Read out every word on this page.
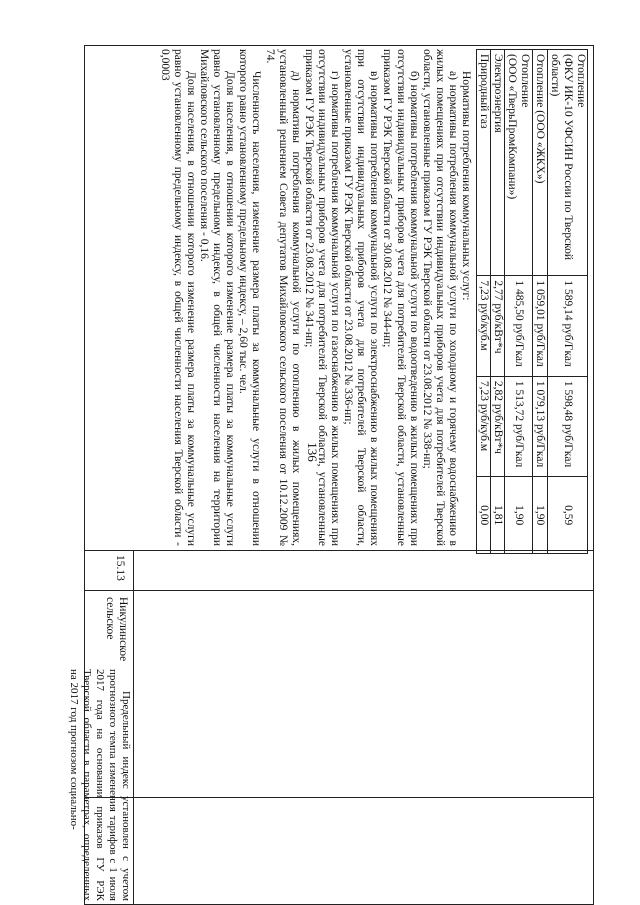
136
15.13
Никулинское сельское

Предельный индекс установлен с учетом прогнозного темпа изменения тарифов с 1 июля 2017 года на основании приказов ГУ РЭК Тверской области в параметрах, определенных на 2017 год прогнозом социально-

Отопление
(ФКУ ИК-10 УФСИН России по Тверской области)	1 589,14 руб/Гкал	1 598,48 руб/Гкал	0,59
Отопление (ООО «ЖКХ»)	1 059,01 руб/Гкал	1 079,13 руб/Гкал	1,90
Отопление
(ООО «ТверьПромКомпани»)	1 485,50 руб/Гкал	1 513,72 руб/Гкал	1,90
Электроэнергия	2,77 руб/кВт*ч	2,82 руб/кВт*ч	1,81
Природный газ	7,23 руб/куб.м	7,23 руб/куб.м	0,00

Нормативы потребления коммунальных услуг:

а) нормативы потребления коммунальной услуги по холодному и горячему водоснабжению в жилых помещениях при отсутствии индивидуальных приборов учета для потребителей Тверской области, установленные приказом ГУ РЭК Тверской области от 23.08.2012 № 338-нп;

б) нормативы потребления коммунальной услуги по водоотведению в жилых помещениях при отсутствии индивидуальных приборов учета для потребителей Тверской области, установленные приказом ГУ РЭК Тверской области от 30.08.2012 № 344-нп;

в) нормативы потребления коммунальной услуги по электроснабжению в жилых помещениях при отсутствии индивидуальных приборов учета для потребителей Тверской области, установленные приказом ГУ РЭК Тверской области от 23.08.2012 № 336-нп;

г) нормативы потребления коммунальной услуги по газоснабжению в жилых помещениях при отсутствии индивидуальных приборов учета для потребителей Тверской области, установленные приказом ГУ РЭК Тверской области от 23.08.2012 № 341-нп;

д) нормативы потребления коммунальной услуги по отоплению в жилых помещениях, установленный решением Совета депутатов Михайловского сельского поселения от 10.12.2009 № 74.

Численность населения, изменение размера платы за коммунальные услуги в отношении которого равно установленному предельному индексу, – 2,60 тыс. чел.

Доля населения, в отношении которого изменение размера платы за коммунальные услуги равно установленному предельному индексу, в общей численности населения на территории Михайловского сельского поселения - 0,16.

Доля населения, в отношении которого изменение размера платы за коммунальные услуги равно установленному предельному индексу, в общей численности населения Тверской области - 0,0003
